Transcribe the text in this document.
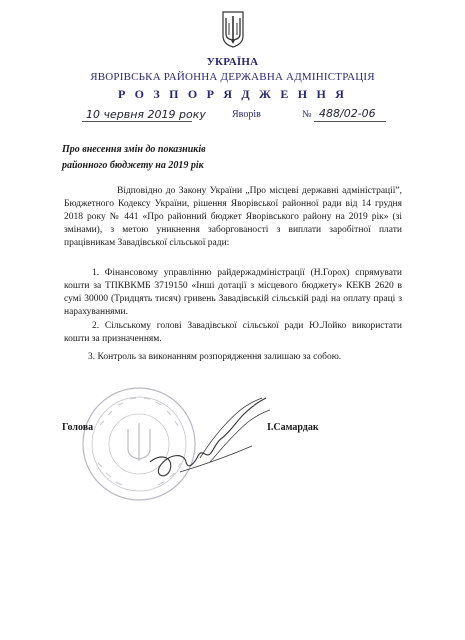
УКРАЇНА
ЯВОРІВСЬКА РАЙОННА ДЕРЖАВНА АДМІНІСТРАЦІЯ
Р О З П О Р Я Д Ж Е Н Н Я
10 червня 2019 року	Яворів	№ 488/02-06
Про внесення змін до показників
районного бюджету на 2019 рік
Відповідно до Закону України „Про місцеві державні адміністрації”, Бюджетного Кодексу України, рішення Яворівської районної ради від 14 грудня 2018 року № 441 «Про районний бюджет Яворівського району на 2019 рік» (зі змінами), з метою уникнення заборгованості з виплати заробітної плати працівникам Завадівської сільської ради:
1. Фінансовому управлінню райдержадміністрації (Н.Горох) спрямувати кошти за ТПКВКМБ 3719150 «Інші дотації з місцевого бюджету» КЕКВ 2620 в сумі 30000 (Тридцять тисяч) гривень Завадівській сільській раді на оплату праці з нарахуваннями.
2. Сільському голові Завадівської сільської ради Ю.Лойко використати кошти за призначенням.
3. Контроль за виконанням розпорядження залишаю за собою.
Голова	І.Самардак
